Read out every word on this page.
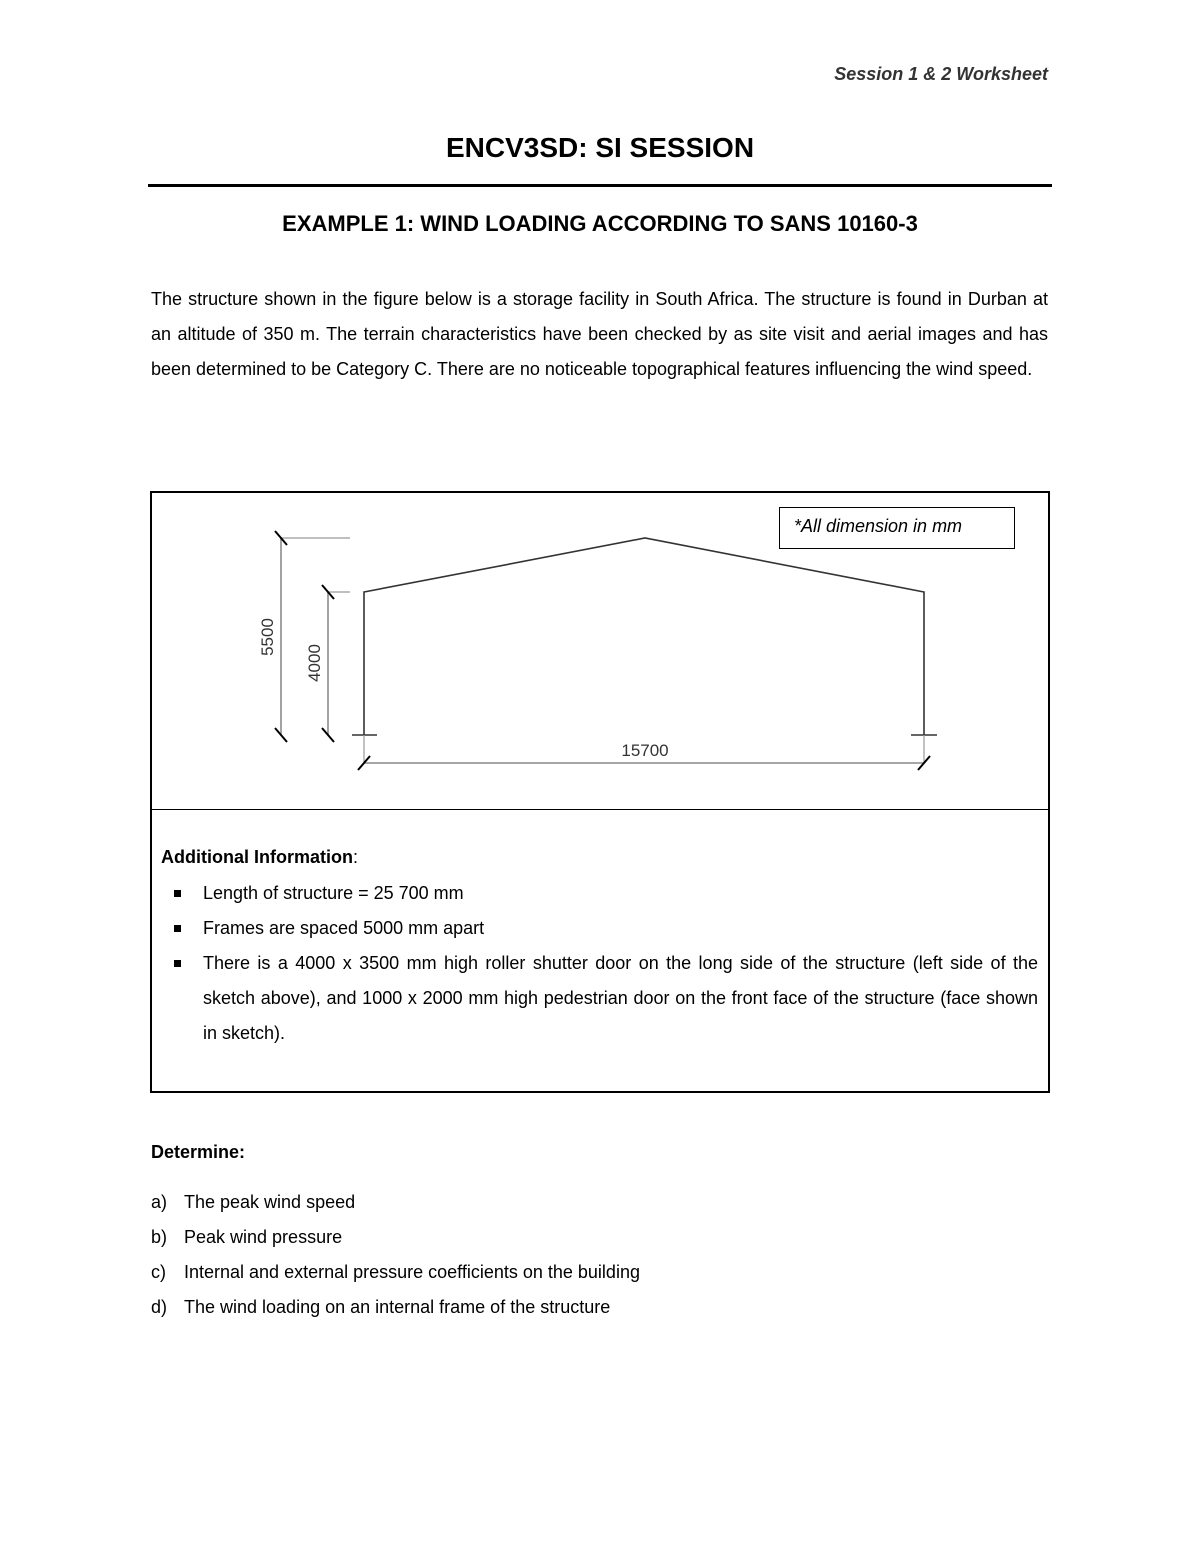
Session 1 & 2 Worksheet
ENCV3SD: SI SESSION
EXAMPLE 1: WIND LOADING ACCORDING TO SANS 10160-3

The structure shown in the figure below is a storage facility in South Africa. The structure is found in Durban at an altitude of 350 m. The terrain characteristics have been checked by as site visit and aerial images and has been determined to be Category C. There are no noticeable topographical features influencing the wind speed.

5500
4000
15700
*All dimension in mm

Additional Information:

Length of structure = 25 700 mm
Frames are spaced 5000 mm apart
There is a 4000 x 3500 mm high roller shutter door on the long side of the structure (left side of the sketch above), and 1000 x 2000 mm high pedestrian door on the front face of the structure (face shown in sketch).

Determine:

a) The peak wind speed
b) Peak wind pressure
c) Internal and external pressure coefficients on the building
d) The wind loading on an internal frame of the structure
